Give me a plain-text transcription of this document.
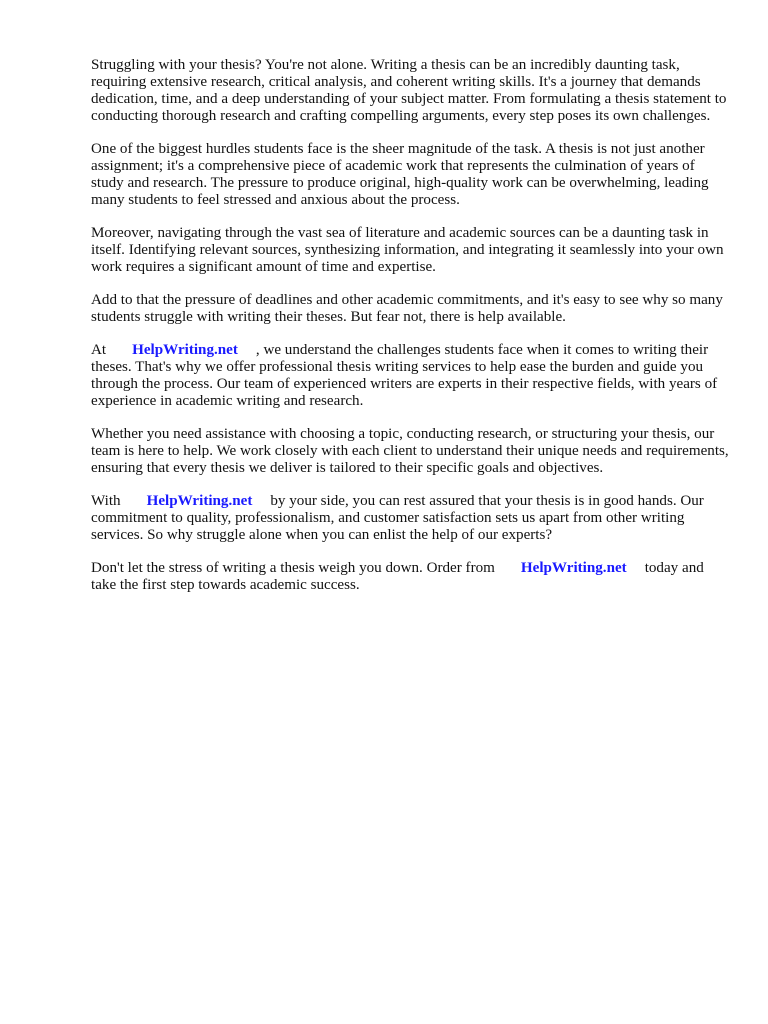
Struggling with your thesis? You're not alone. Writing a thesis can be an incredibly daunting task, requiring extensive research, critical analysis, and coherent writing skills. It's a journey that demands dedication, time, and a deep understanding of your subject matter. From formulating a thesis statement to conducting thorough research and crafting compelling arguments, every step poses its own challenges.

One of the biggest hurdles students face is the sheer magnitude of the task. A thesis is not just another assignment; it's a comprehensive piece of academic work that represents the culmination of years of study and research. The pressure to produce original, high-quality work can be overwhelming, leading many students to feel stressed and anxious about the process.

Moreover, navigating through the vast sea of literature and academic sources can be a daunting task in itself. Identifying relevant sources, synthesizing information, and integrating it seamlessly into your own work requires a significant amount of time and expertise.

Add to that the pressure of deadlines and other academic commitments, and it's easy to see why so many students struggle with writing their theses. But fear not, there is help available.

At HelpWriting.net , we understand the challenges students face when it comes to writing their theses. That's why we offer professional thesis writing services to help ease the burden and guide you through the process. Our team of experienced writers are experts in their respective fields, with years of experience in academic writing and research.

Whether you need assistance with choosing a topic, conducting research, or structuring your thesis, our team is here to help. We work closely with each client to understand their unique needs and requirements, ensuring that every thesis we deliver is tailored to their specific goals and objectives.

With HelpWriting.net by your side, you can rest assured that your thesis is in good hands. Our commitment to quality, professionalism, and customer satisfaction sets us apart from other writing services. So why struggle alone when you can enlist the help of our experts?

Don't let the stress of writing a thesis weigh you down. Order from HelpWriting.net today and take the first step towards academic success.
